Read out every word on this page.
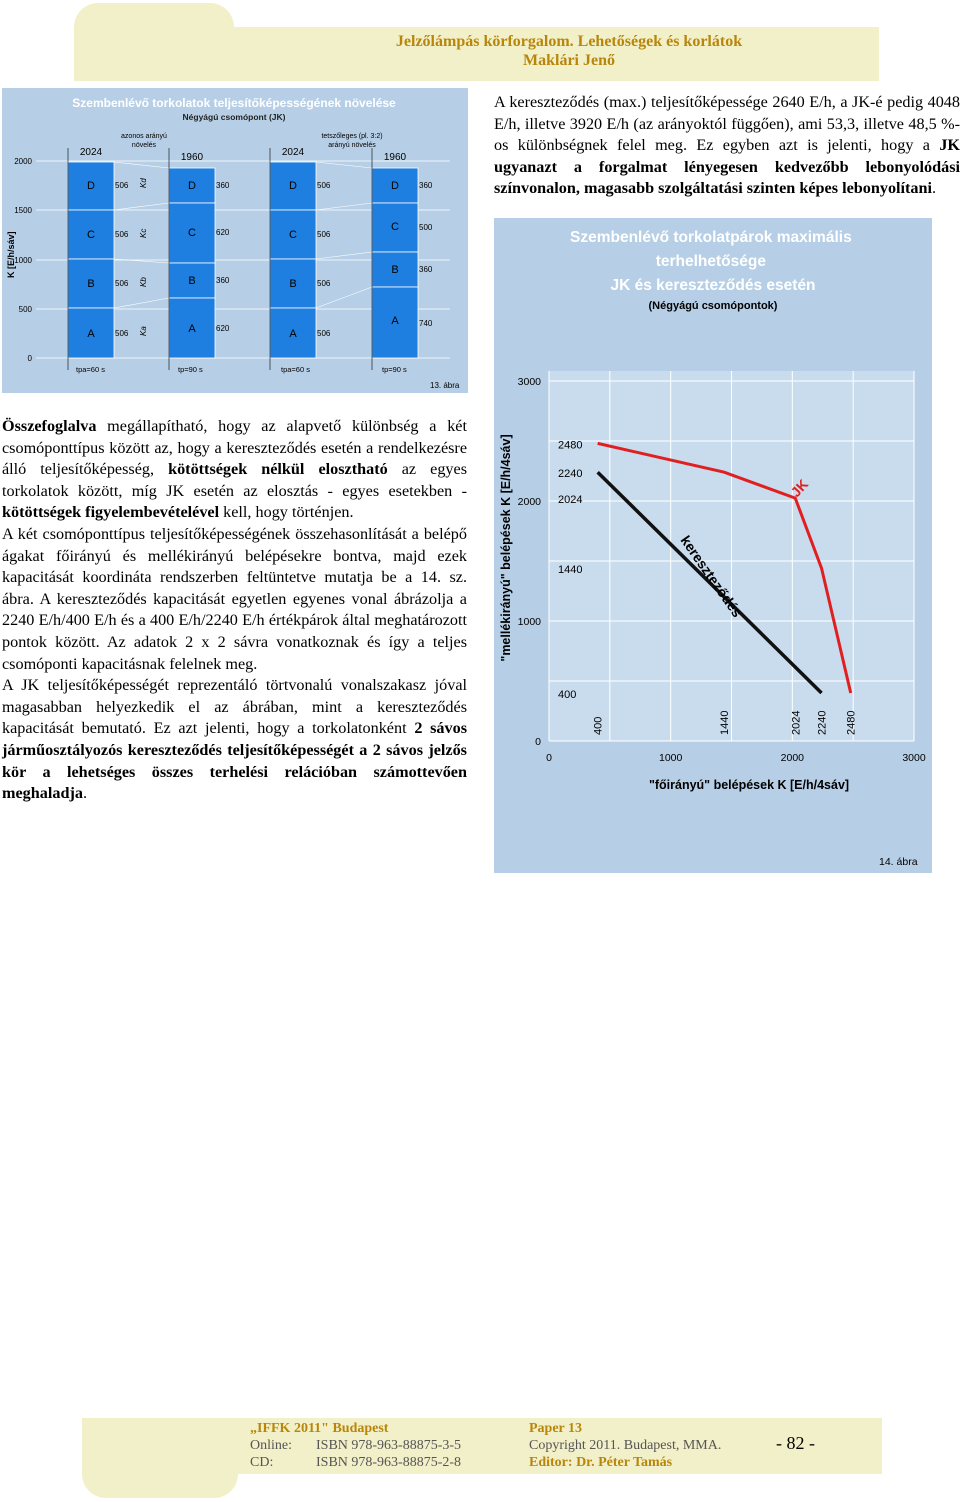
Jelzőlámpás körforgalom. Lehetőségek és korlátok
Maklári Jenő
Szembenlévő torkolatok teljesítőképességének növelése
Négyágú csomópont (JK)
K [E/h/sáv]
2000
1500
1000
500
0
azonos arányú
növelés
tetszőleges (pl. 3:2)
arányú növelés
2024	1960	2024	1960
D
C
B
A
D
C
B
A
D
C
B
A
D
C
B
A
506
506
506
506
360
620
360
620
506
506
506
506
360
500
360
740
Kd
Kc
Kb
Ka
tpa=60 s	tp=90 s	tpa=60 s	tp=90 s
13. ábra

A kereszteződés (max.) teljesítőképessége 2640 E/h, a JK-é pedig 4048 E/h, illetve 3920 E/h (az arányoktól függően), ami 53,3, illetve 48,5 %-os különbségnek felel meg. Ez egyben azt is jelenti, hogy a JK ugyanazt a forgalmat lényegesen kedvezőbb lebonyolódási színvonalon, magasabb szolgáltatási szinten képes lebonyolítani.

Szembenlévő torkolatpárok maximális terhelhetősége JK és kereszteződés esetén
(Négyágú csomópontok)
0
1000
2000
3000
0	1000	2000	3000
2480
2240
2024
1440
400
400	1440	2024 2240 2480
"főirányú" belépések K [E/h/4sáv]
"mellékirányú" belépések K [E/h/4sáv]
14. ábra
JK
kereszteződés

Összefoglalva megállapítható, hogy az alapvető különbség a két csomóponttípus között az, hogy a kereszteződés esetén a rendelkezésre álló teljesítőképesség, kötöttségek nélkül elosztható az egyes torkolatok között, míg JK esetén az elosztás - egyes esetekben - kötöttségek figyelembevételével kell, hogy történjen.

A két csomóponttípus teljesítőképességének összehasonlítását a belépő ágakat főirányú és mellékirányú belépésekre bontva, majd ezek kapacitását koordináta rendszerben feltüntetve mutatja be a 14. sz. ábra. A kereszteződés kapacitását egyetlen egyenes vonal ábrázolja a 2240 E/h/400 E/h és a 400 E/h/2240 E/h értékpárok által meghatározott pontok között. Az adatok 2 x 2 sávra vonatkoznak és így a teljes csomóponti kapacitásnak felelnek meg.

A JK teljesítőképességét reprezentáló törtvonalú vonalszakasz jóval magasabban helyezkedik el az ábrában, mint a kereszteződés kapacitását bemutató. Ez azt jelenti, hogy a torkolatonként 2 sávos járműosztályozós kereszteződés teljesítőképességét a 2 sávos jelzős kör a lehetséges összes terhelési relációban számottevően meghaladja.

„IFFK 2011" Budapest
Online: ISBN 978-963-88875-3-5
CD:	ISBN 978-963-88875-2-8
Paper 13
Copyright 2011. Budapest, MMA.
Editor: Dr. Péter Tamás
- 82 -
